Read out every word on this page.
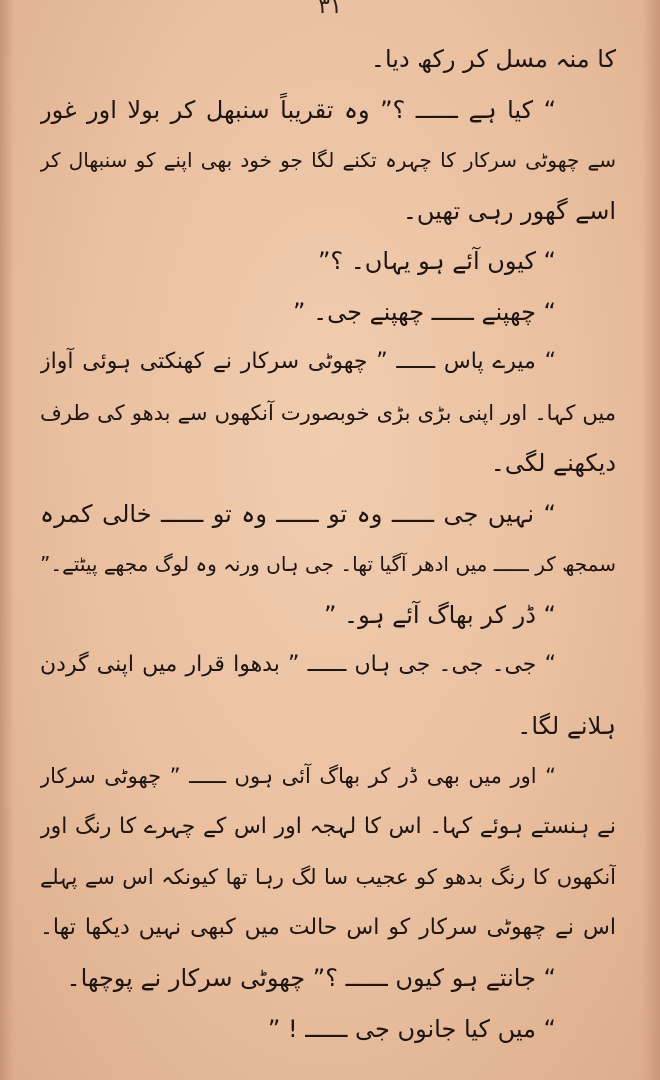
۳۱
کا منہ مسل کر رکھ دیا۔
“ کیا ہے ــــــ ؟” وہ تقریباً سنبھل کر بولا اور غور
سے چھوٹی سرکار کا چہرہ تکنے لگا جو خود بھی اپنے کو سنبھال کر
اسے گھور رہی تھیں۔
“ کیوں آئے ہو یہاں۔ ؟”
“ چھپنے ــــــ چھپنے جی۔ ”
“ میرے پاس ــــــ ” چھوٹی سرکار نے کھنکتی ہوئی آواز
میں کہا۔ اور اپنی بڑی بڑی خوبصورت آنکھوں سے بدھو کی طرف
دیکھنے لگی۔
“ نہیں جی ــــــ وہ تو ــــــ وہ تو ــــــ خالی کمرہ
سمجھ کر ــــــ میں ادھر آگیا تھا۔ جی ہاں ورنہ وہ لوگ مجھے پیٹتے۔”
“ ڈر کر بھاگ آئے ہو۔ ”
“ جی۔ جی۔ جی ہاں ــــــ ” بدھوا قرار میں اپنی گردن
ہلانے لگا۔
“ اور میں بھی ڈر کر بھاگ آئی ہوں ــــــ ” چھوٹی سرکار
نے ہنستے ہوئے کہا۔ اس کا لہجہ اور اس کے چہرے کا رنگ اور
آنکھوں کا رنگ بدھو کو عجیب سا لگ رہا تھا کیونکہ اس سے پہلے
اس نے چھوٹی سرکار کو اس حالت میں کبھی نہیں دیکھا تھا۔
“ جانتے ہو کیوں ــــــ ؟” چھوٹی سرکار نے پوچھا۔
“ میں کیا جانوں جی ــــــ ! ”
